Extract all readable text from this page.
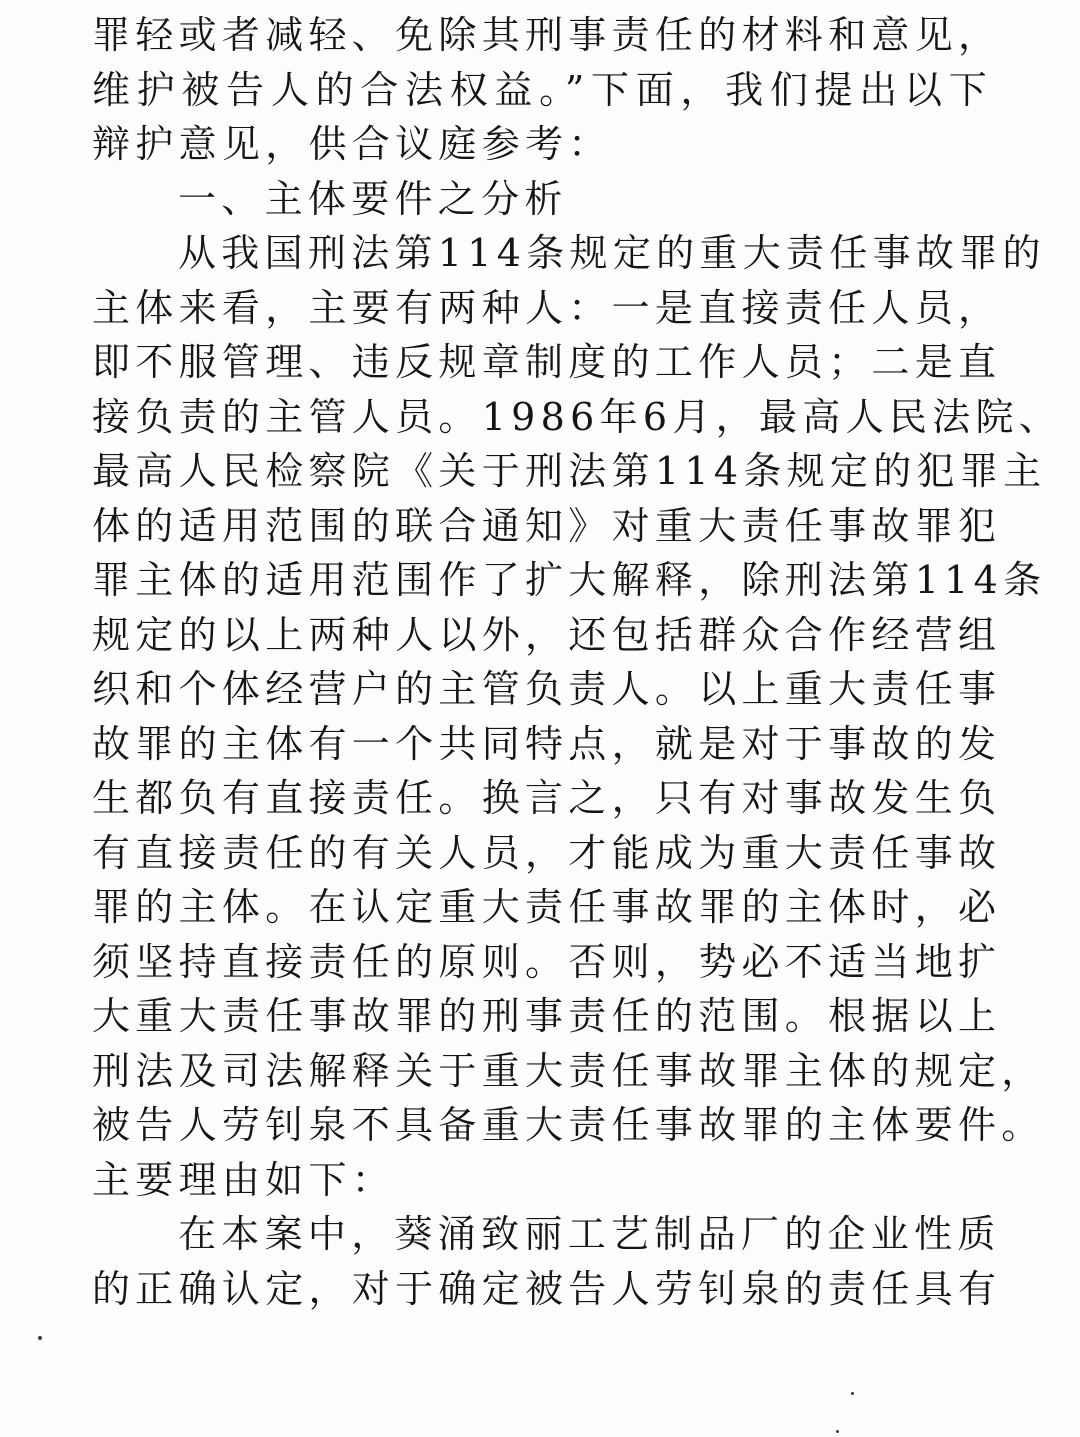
罪轻或者减轻、免除其刑事责任的材料和意见，
维护被告人的合法权益。”下面，我们提出以下
辩护意见，供合议庭参考：
一、主体要件之分析
从我国刑法第114条规定的重大责任事故罪的
主体来看，主要有两种人：一是直接责任人员，
即不服管理、违反规章制度的工作人员；二是直
接负责的主管人员。1986年6月，最高人民法院、
最高人民检察院《关于刑法第114条规定的犯罪主
体的适用范围的联合通知》对重大责任事故罪犯
罪主体的适用范围作了扩大解释，除刑法第114条
规定的以上两种人以外，还包括群众合作经营组
织和个体经营户的主管负责人。以上重大责任事
故罪的主体有一个共同特点，就是对于事故的发
生都负有直接责任。换言之，只有对事故发生负
有直接责任的有关人员，才能成为重大责任事故
罪的主体。在认定重大责任事故罪的主体时，必
须坚持直接责任的原则。否则，势必不适当地扩
大重大责任事故罪的刑事责任的范围。根据以上
刑法及司法解释关于重大责任事故罪主体的规定，
被告人劳钊泉不具备重大责任事故罪的主体要件。
主要理由如下：
在本案中，葵涌致丽工艺制品厂的企业性质
的正确认定，对于确定被告人劳钊泉的责任具有
